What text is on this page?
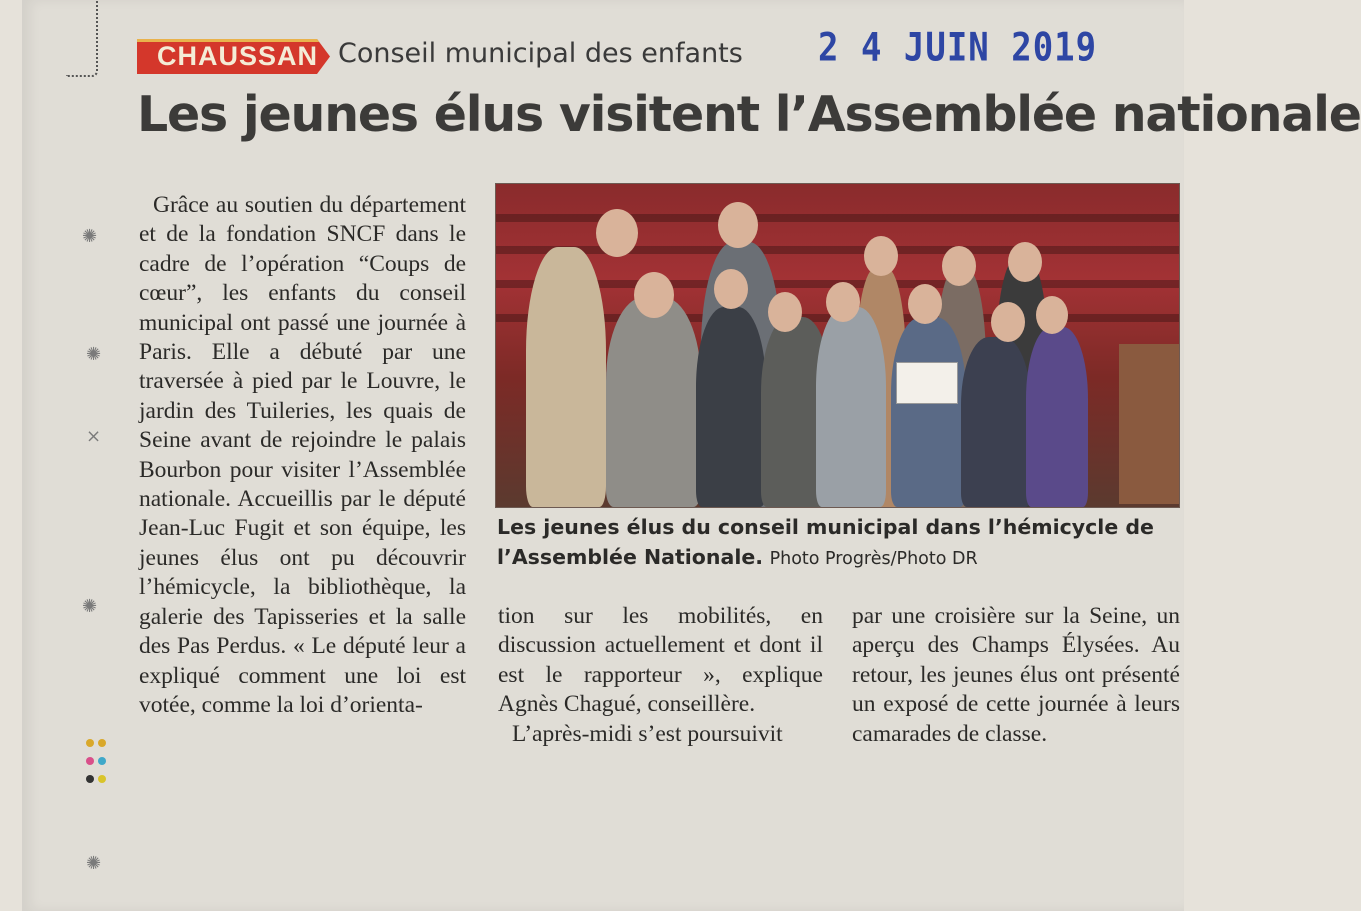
CHAUSSAN Conseil municipal des enfants 2 4 JUIN 2019
Les jeunes élus visitent l’Assemblée nationale

Grâce au soutien du département et de la fondation SNCF dans le cadre de l’opération “Coups de cœur”, les enfants du conseil municipal ont passé une journée à Paris. Elle a débuté par une traversée à pied par le Louvre, le jardin des Tuileries, les quais de Seine avant de rejoindre le palais Bourbon pour visiter l’Assemblée nationale. Accueillis par le député Jean-Luc Fugit et son équipe, les jeunes élus ont pu découvrir l’hémicycle, la bibliothèque, la galerie des Tapisseries et la salle des Pas Perdus. « Le député leur a expliqué comment une loi est votée, comme la loi d’orienta-

Les jeunes élus du conseil municipal dans l’hémicycle de l’Assemblée Nationale. Photo Progrès/Photo DR

tion sur les mobilités, en discussion actuellement et dont il est le rapporteur », explique Agnès Chagué, conseillère.

L’après-midi s’est poursuivit

par une croisière sur la Seine, un aperçu des Champs Élysées. Au retour, les jeunes élus ont présenté un exposé de cette journée à leurs camarades de classe.

✺
✺
⨯
✺
✺
